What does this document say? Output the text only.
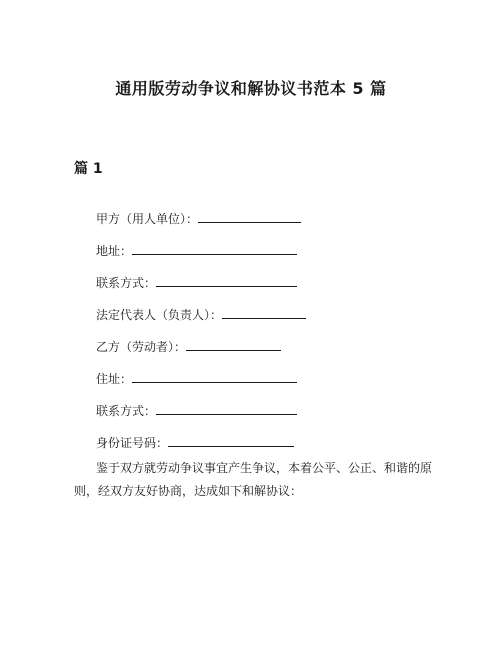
通用版劳动争议和解协议书范本 5 篇
篇 1
甲方（用人单位）：
地址：
联系方式：
法定代表人（负责人）：
乙方（劳动者）：
住址：
联系方式：
身份证号码：
鉴于双方就劳动争议事宜产生争议，本着公平、公正、和谐的原则，经双方友好协商，达成如下和解协议：
